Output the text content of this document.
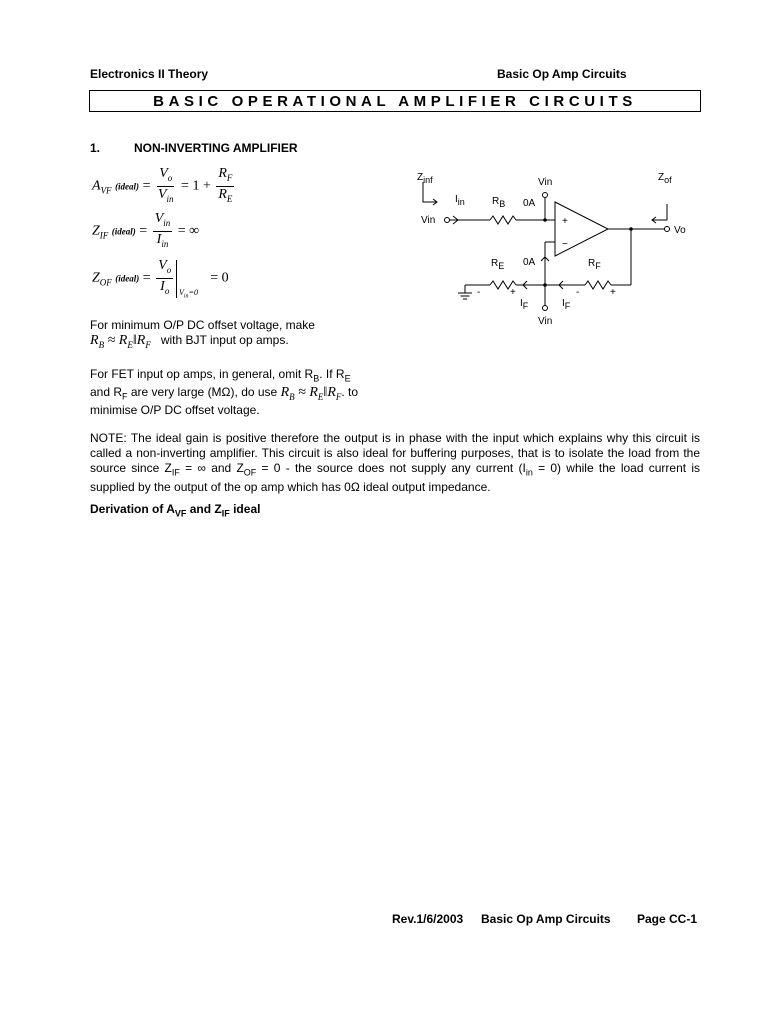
Electronics II Theory	Basic Op Amp Circuits
BASIC OPERATIONAL AMPLIFIER CIRCUITS
1.	NON-INVERTING AMPLIFIER
$A_{VF}$ (ideal) = $\frac{V_o}{V_{in}} = 1 + \frac{R_F}{R_E}$
$Z_{IF}$ (ideal) = $\frac{V_{in}}{I_{in}}$ = ∞
$Z_{OF}$ (ideal) = $\frac{V_o}{I_o}$	= 0
$V_{in}=0$
For minimum O/P DC offset voltage, make
$R_B$ ≈ $R_E‖R_F$ with BJT input op amps.
For FET input op amps, in general, omit $R_B$. If $R_E$
and $R_F$ are very large (MΩ), do use $R_B$ ≈ $R_E‖R_F$. to
minimise O/P DC offset voltage.
NOTE: The ideal gain is positive therefore the output is in phase with the input which explains why this circuit is called a non-inverting amplifier. This circuit is also ideal for buffering purposes, that is to isolate the load from the source since $Z_{IF}$ = ∞ and $Z_{OF} = 0$ - the source does not supply any current $(I_{in} = 0)$ while the load current is supplied by the output of the op amp which has 0Ω ideal output impedance.
Derivation of $A_{VF}$ and $Z_{IF}$ ideal
Zinf	Zof
Iin	RB 0A
Vin
Vin
Vo
0A
+
−
RE	RF
-	+	-	+
IF	IF
Vin
Rev.1/6/2003 Basic Op Amp Circuits Page CC-1
